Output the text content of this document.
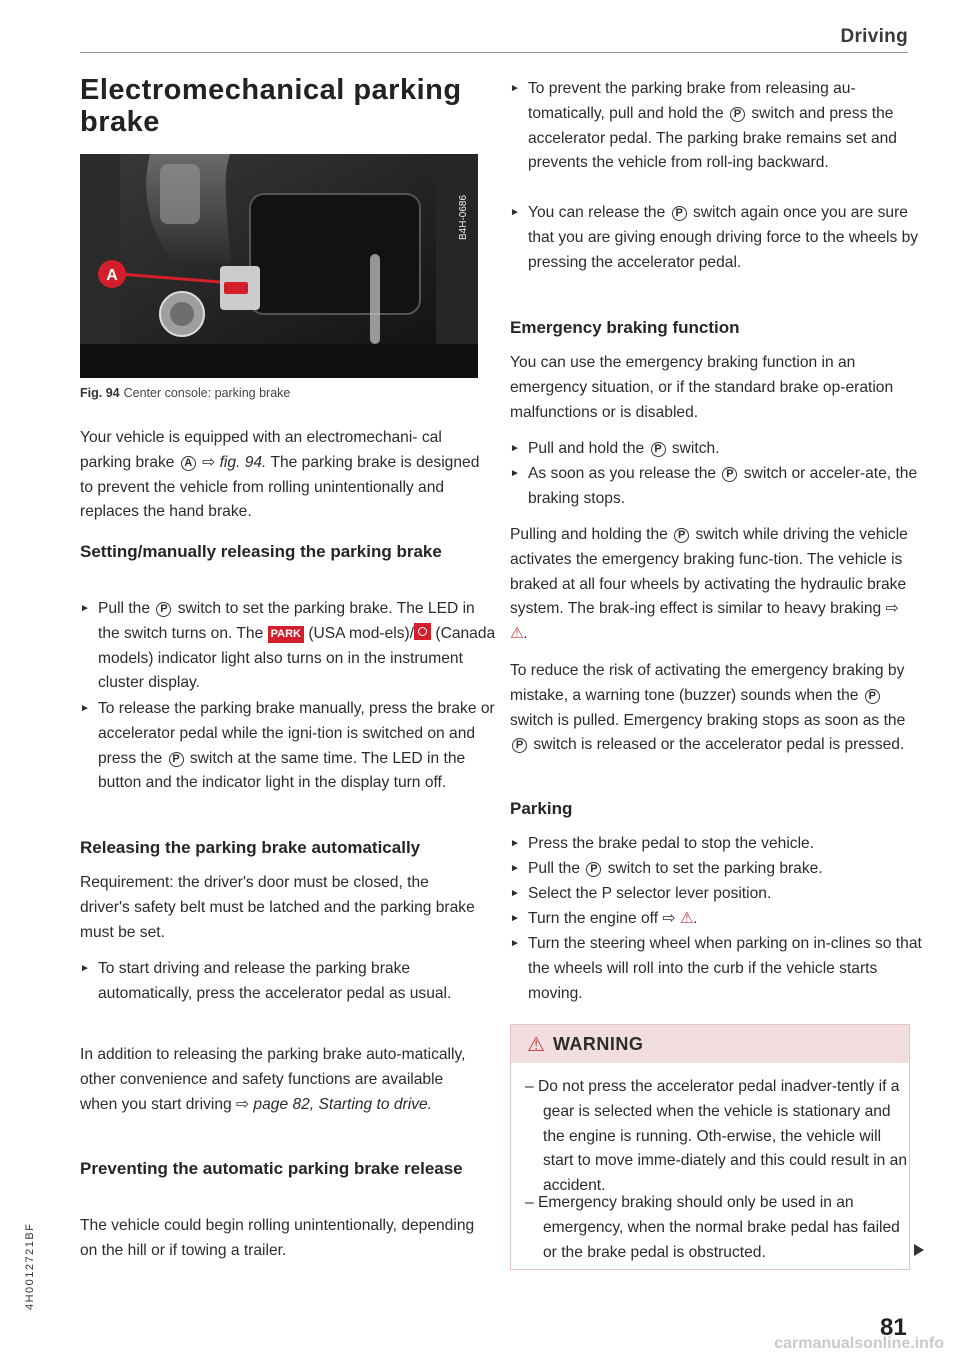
Driving
Electromechanical parking brake
A
B4H-0686
Fig. 94 Center console: parking brake

Your vehicle is equipped with an electromechani- cal parking brake A ⇨ fig. 94. The parking brake is designed to prevent the vehicle from rolling unintentionally and replaces the hand brake.

Setting/manually releasing the parking brake

► Pull the P switch to set the parking brake. The LED in the switch turns on. The PARK (USA mod-els)/ (Canada models) indicator light also turns on in the instrument cluster display.

► To release the parking brake manually, press the brake or accelerator pedal while the igni-tion is switched on and press the P switch at the same time. The LED in the button and the indicator light in the display turn off.

Releasing the parking brake automatically

Requirement: the driver's door must be closed, the driver's safety belt must be latched and the parking brake must be set.

► To start driving and release the parking brake automatically, press the accelerator pedal as usual.

In addition to releasing the parking brake auto-matically, other convenience and safety functions are available when you start driving ⇨ page 82, Starting to drive.

Preventing the automatic parking brake release

The vehicle could begin rolling unintentionally, depending on the hill or if towing a trailer.

► To prevent the parking brake from releasing au-tomatically, pull and hold the P switch and press the accelerator pedal. The parking brake remains set and prevents the vehicle from roll-ing backward.

► You can release the P switch again once you are sure that you are giving enough driving force to the wheels by pressing the accelerator pedal.

Emergency braking function

You can use the emergency braking function in an emergency situation, or if the standard brake op-eration malfunctions or is disabled.

► Pull and hold the P switch.

► As soon as you release the P switch or acceler-ate, the braking stops.

Pulling and holding the P switch while driving the vehicle activates the emergency braking func-tion. The vehicle is braked at all four wheels by activating the hydraulic brake system. The brak-ing effect is similar to heavy braking ⇨ ⚠.

To reduce the risk of activating the emergency braking by mistake, a warning tone (buzzer) sounds when the P switch is pulled. Emergency braking stops as soon as the P switch is released or the accelerator pedal is pressed.

Parking

► Press the brake pedal to stop the vehicle.

► Pull the P switch to set the parking brake.

► Select the P selector lever position.

► Turn the engine off ⇨ ⚠.

► Turn the steering wheel when parking on in-clines so that the wheels will roll into the curb if the vehicle starts moving.

⚠ WARNING

– Do not press the accelerator pedal inadver-tently if a gear is selected when the vehicle is stationary and the engine is running. Oth-erwise, the vehicle will start to move imme-diately and this could result in an accident.

– Emergency braking should only be used in an emergency, when the normal brake pedal has failed or the brake pedal is obstructed.

81
4H0012721BF
carmanualsonline.info
